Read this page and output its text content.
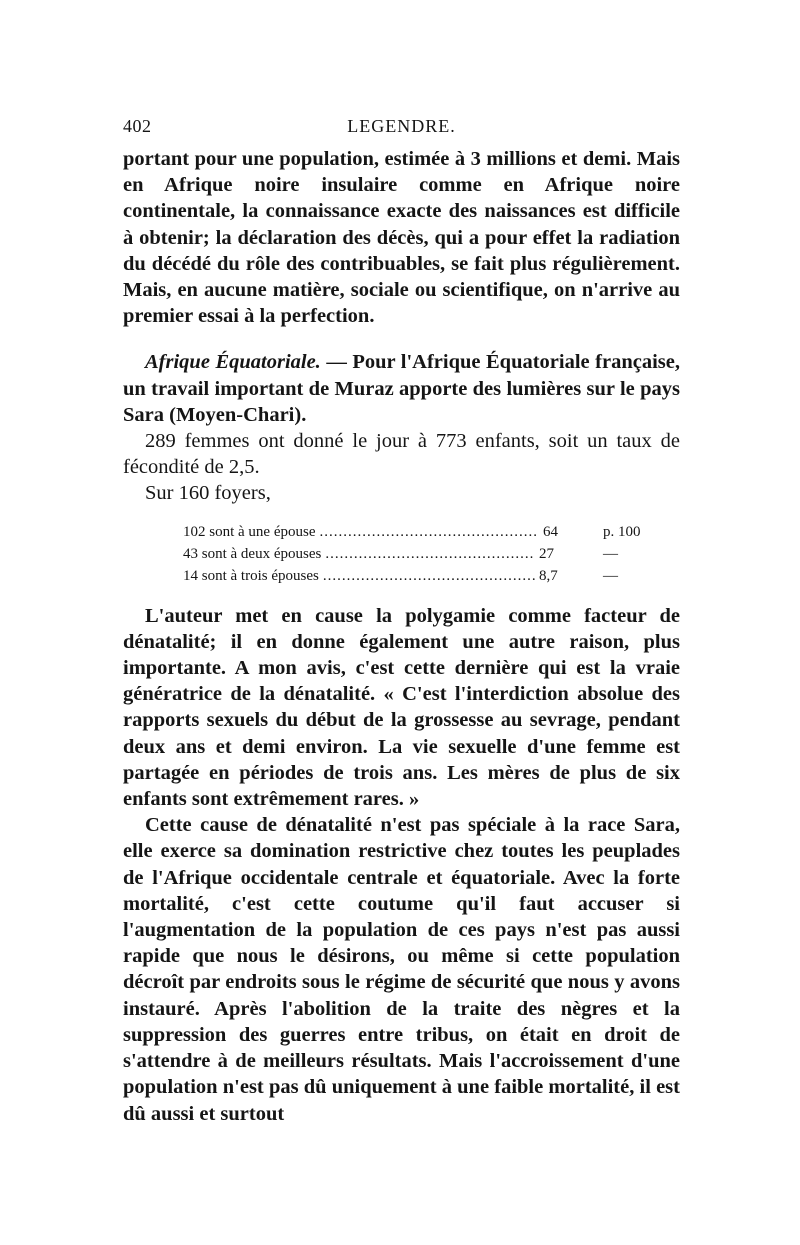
402	LEGENDRE.

portant pour une population, estimée à 3 millions et demi. Mais en Afrique noire insulaire comme en Afrique noire continentale, la connaissance exacte des naissances est difficile à obtenir; la déclaration des décès, qui a pour effet la radiation du décédé du rôle des contribuables, se fait plus régulièrement. Mais, en aucune matière, sociale ou scientifique, on n'arrive au premier essai à la perfection.

Afrique Équatoriale. — Pour l'Afrique Équatoriale française, un travail important de Muraz apporte des lumières sur le pays Sara (Moyen-Chari).

289 femmes ont donné le jour à 773 enfants, soit un taux de fécondité de 2,5.

Sur 160 foyers,

102 sont à une épouse .....	64	p. 100
43 sont à deux épouses .....	27	—
14 sont à trois épouses .....	8,7	—

L'auteur met en cause la polygamie comme facteur de dénatalité; il en donne également une autre raison, plus importante. A mon avis, c'est cette dernière qui est la vraie génératrice de la dénatalité. « C'est l'interdiction absolue des rapports sexuels du début de la grossesse au sevrage, pendant deux ans et demi environ. La vie sexuelle d'une femme est partagée en périodes de trois ans. Les mères de plus de six enfants sont extrêmement rares. »

Cette cause de dénatalité n'est pas spéciale à la race Sara, elle exerce sa domination restrictive chez toutes les peuplades de l'Afrique occidentale centrale et équatoriale. Avec la forte mortalité, c'est cette coutume qu'il faut accuser si l'augmentation de la population de ces pays n'est pas aussi rapide que nous le désirons, ou même si cette population décroît par endroits sous le régime de sécurité que nous y avons instauré. Après l'abolition de la traite des nègres et la suppression des guerres entre tribus, on était en droit de s'attendre à de meilleurs résultats. Mais l'accroissement d'une population n'est pas dû uniquement à une faible mortalité, il est dû aussi et surtout
